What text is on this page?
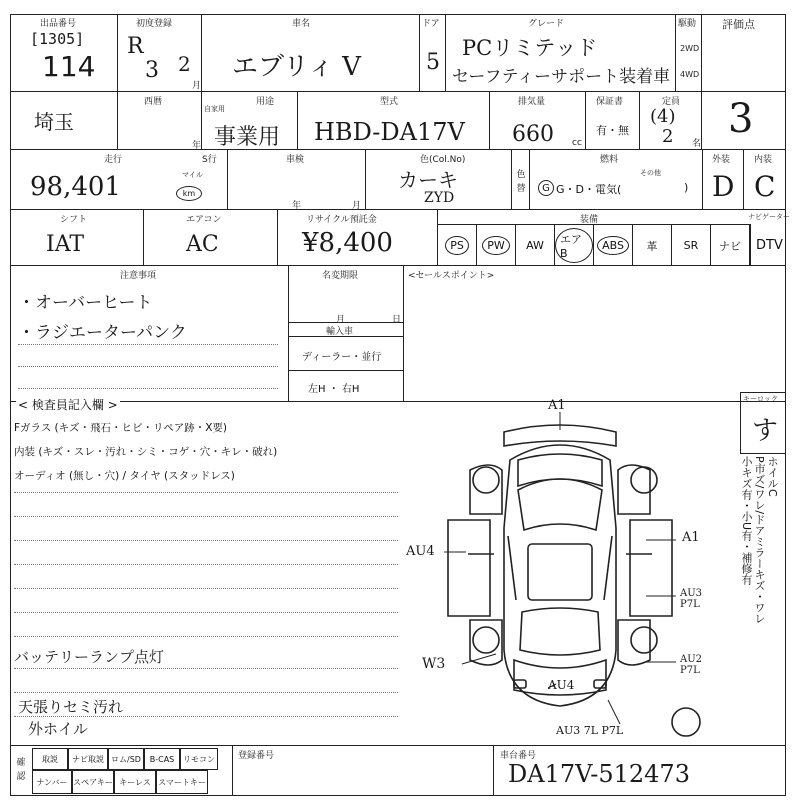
出品番号
[1305]
114
初度登録
R
3 2
月
車名
エブリィ V
ドア
5
グレード
PCリミテッド
セーフティーサポート装着車
駆動
2WD
4WD
評価点
埼玉
西暦
年
用途
自家用
事業用
型式
HBD-DA17V
排気量
660 cc
保証書
有・無
定員
(4)
2 名
3
走行
98,401	マイル
km
S行	車検
年	月
色(Col.No)
カーキ
ZYD
色替
燃料
G G・D・電気(
その他
)
外装
D
内装
C
シフト
IAT
エアコン
AC
リサイクル預託金
¥8,400
装備	ナビゲーター
PS	PW	AW	エアB
ABS	革 SR ナビ DTV
注意事項
・オーバーヒート
・ラジエーターパンク
名変期限
月	日
輸入車
ディーラー・並行
左H ・ 右H
<セールスポイント>
< 検査員記入欄 >
Fガラス (キズ・飛石・ヒビ・リペア跡・X要)
内装 (キズ・スレ・汚れ・シミ・コゲ・穴・キレ・破れ)
オーディオ (無し・穴) / タイヤ (スタッドレス)
バッテリーランプ点灯
天張りセミ汚れ
外ホイル
キーロック
す
ホイルC
P市ズ/ワレ/ドアミラーキズ・ワレ
小キズ有・小U有・補修有
A1
AU4
A1
AU3 P7L
AU2 P7L
W3
AU4
AU3 7L P7L
確認
取説	ナビ取説 ロム/SD	B-CAS	リモコン
ナンバー スペアキー キーレス スマートキー
登録番号	車台番号
DA17V-512473
